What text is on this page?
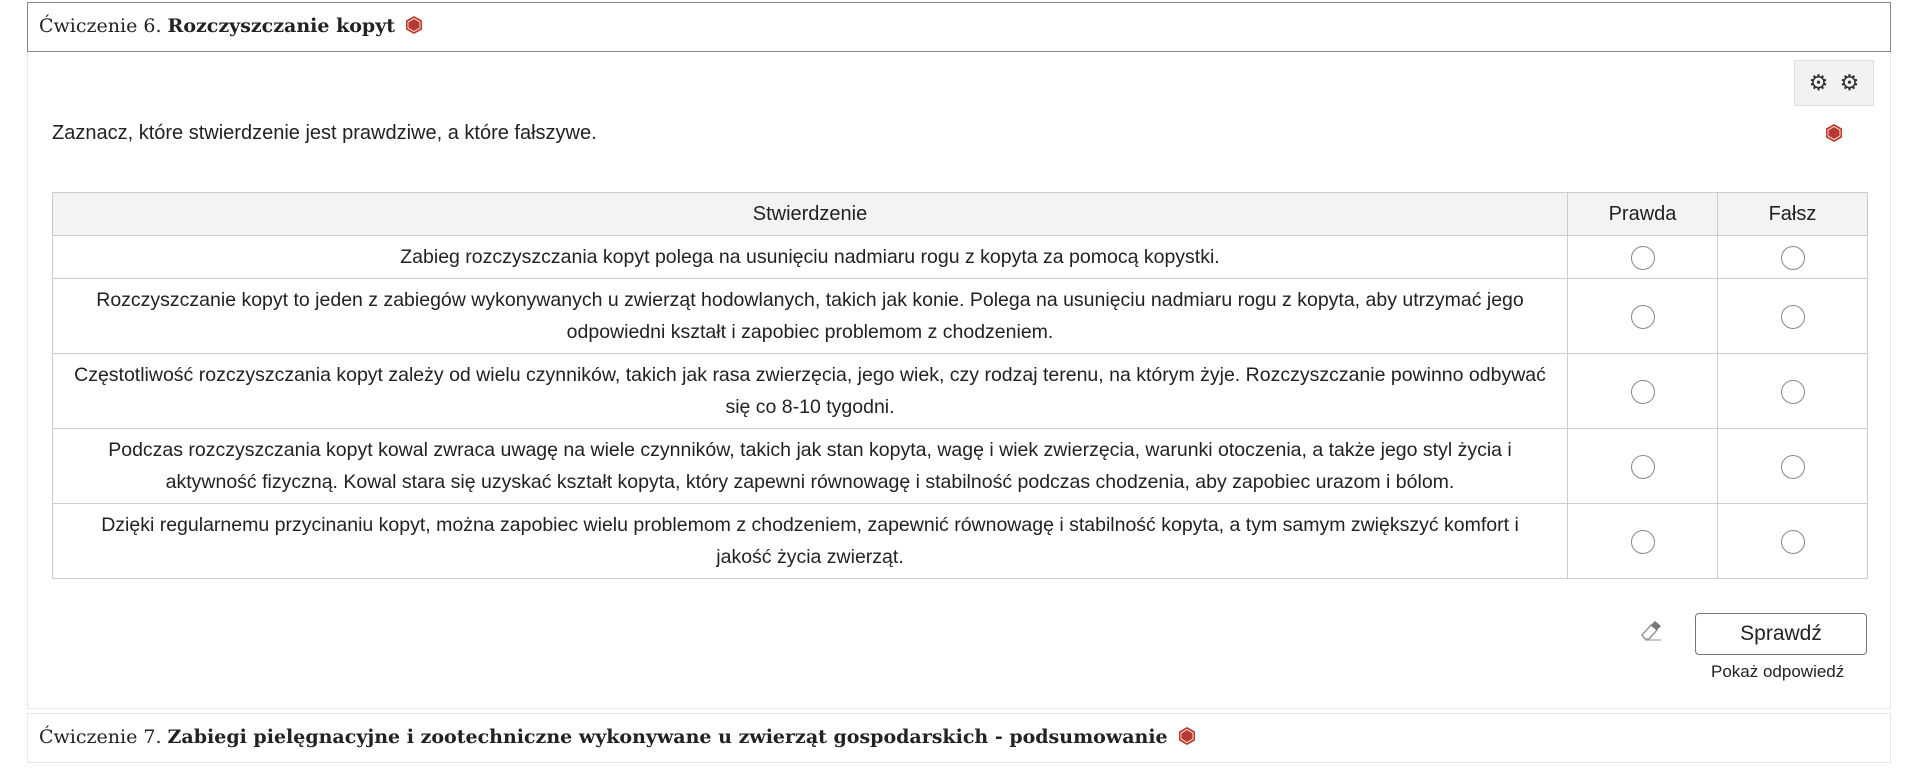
Ćwiczenie 6. Rozczyszczanie kopyt
⚙ ⚙
Zaznacz, które stwierdzenie jest prawdziwe, a które fałszywe.
Stwierdzenie	Prawda	Fałsz
Zabieg rozczyszczania kopyt polega na usunięciu nadmiaru rogu z kopyta za pomocą kopystki.		
Rozczyszczanie kopyt to jeden z zabiegów wykonywanych u zwierząt hodowlanych, takich jak konie. Polega na usunięciu nadmiaru rogu z kopyta, aby utrzymać jego odpowiedni kształt i zapobiec problemom z chodzeniem.		
Częstotliwość rozczyszczania kopyt zależy od wielu czynników, takich jak rasa zwierzęcia, jego wiek, czy rodzaj terenu, na którym żyje. Rozczyszczanie powinno odbywać się co 8-10 tygodni.		
Podczas rozczyszczania kopyt kowal zwraca uwagę na wiele czynników, takich jak stan kopyta, wagę i wiek zwierzęcia, warunki otoczenia, a także jego styl życia i aktywność fizyczną. Kowal stara się uzyskać kształt kopyta, który zapewni równowagę i stabilność podczas chodzenia, aby zapobiec urazom i bólom.		
Dzięki regularnemu przycinaniu kopyt, można zapobiec wielu problemom z chodzeniem, zapewnić równowagę i stabilność kopyta, a tym samym zwiększyć komfort i jakość życia zwierząt.		
Sprawdź
Pokaż odpowiedź
Ćwiczenie 7. Zabiegi pielęgnacyjne i zootechniczne wykonywane u zwierząt gospodarskich - podsumowanie
